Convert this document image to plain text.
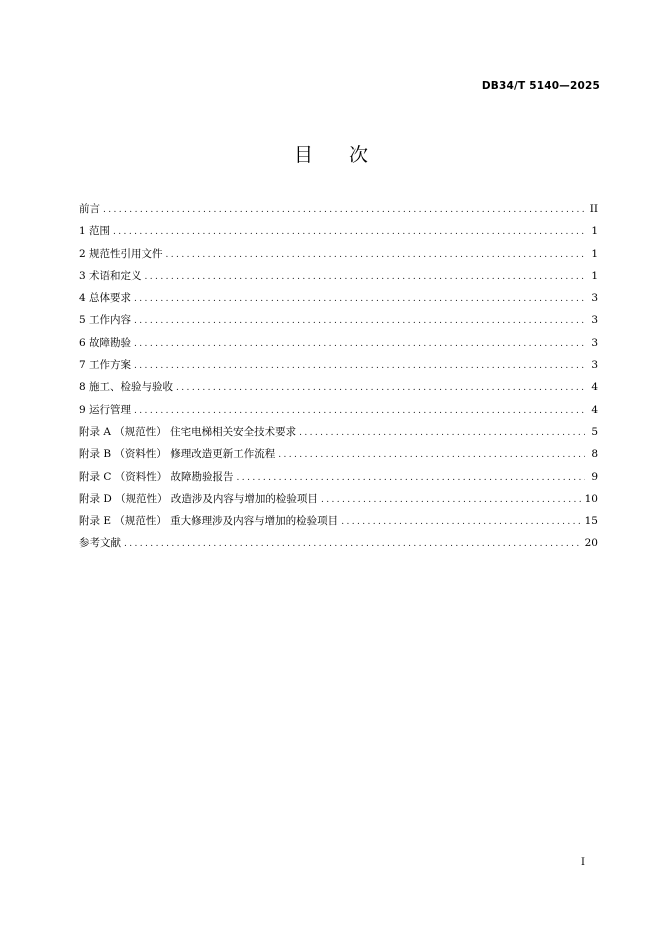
DB34/T 5140—2025
目次
前言 .....	II
1 范围 .....	1
2 规范性引用文件 .....	1
3 术语和定义 .....	1
4 总体要求 .....	3
5 工作内容 .....	3
6 故障勘验 .....	3
7 工作方案 .....	3
8 施工、检验与验收 .....	4
9 运行管理 .....	4
附录 A （规范性） 住宅电梯相关安全技术要求 .....	5
附录 B （资料性） 修理改造更新工作流程 .....	8
附录 C （资料性） 故障勘验报告 .....	9
附录 D （规范性） 改造涉及内容与增加的检验项目 .....	10
附录 E （规范性） 重大修理涉及内容与增加的检验项目 .....	15
参考文献 .....	20
I
